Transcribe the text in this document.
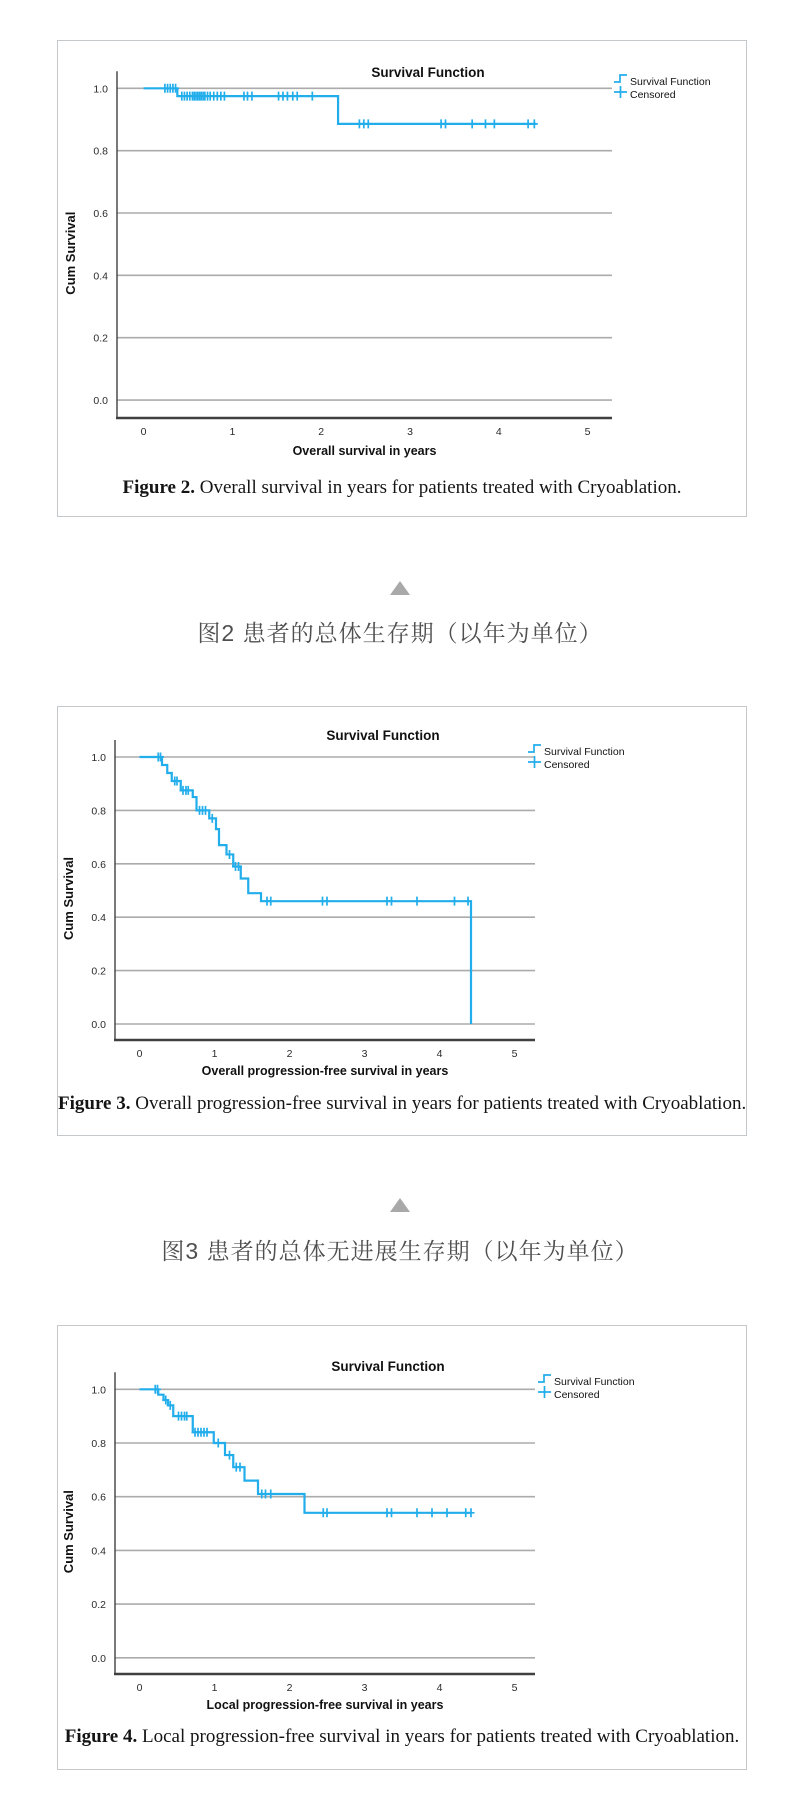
1.0
0.8
0.6
0.4
0.2
0.0
0	1	2	3	4	5
Overall survival in years
Cum Survival
Survival Function
Survival Function
Censored

Figure 2. Overall survival in years for patients treated with Cryoablation.

图2 患者的总体生存期（以年为单位）
1.0
0.8
0.6
0.4
0.2
0.0
0	1	2	3	4	5
Overall progression-free survival in years
Cum Survival
Survival Function
Survival Function
Censored

Figure 3. Overall progression-free survival in years for patients treated with Cryoablation.

图3 患者的总体无进展生存期（以年为单位）
1.0
0.8
0.6
0.4
0.2
0.0
0	1	2	3	4	5
Local progression-free survival in years
Cum Survival
Survival Function
Survival Function
Censored

Figure 4. Local progression-free survival in years for patients treated with Cryoablation.
